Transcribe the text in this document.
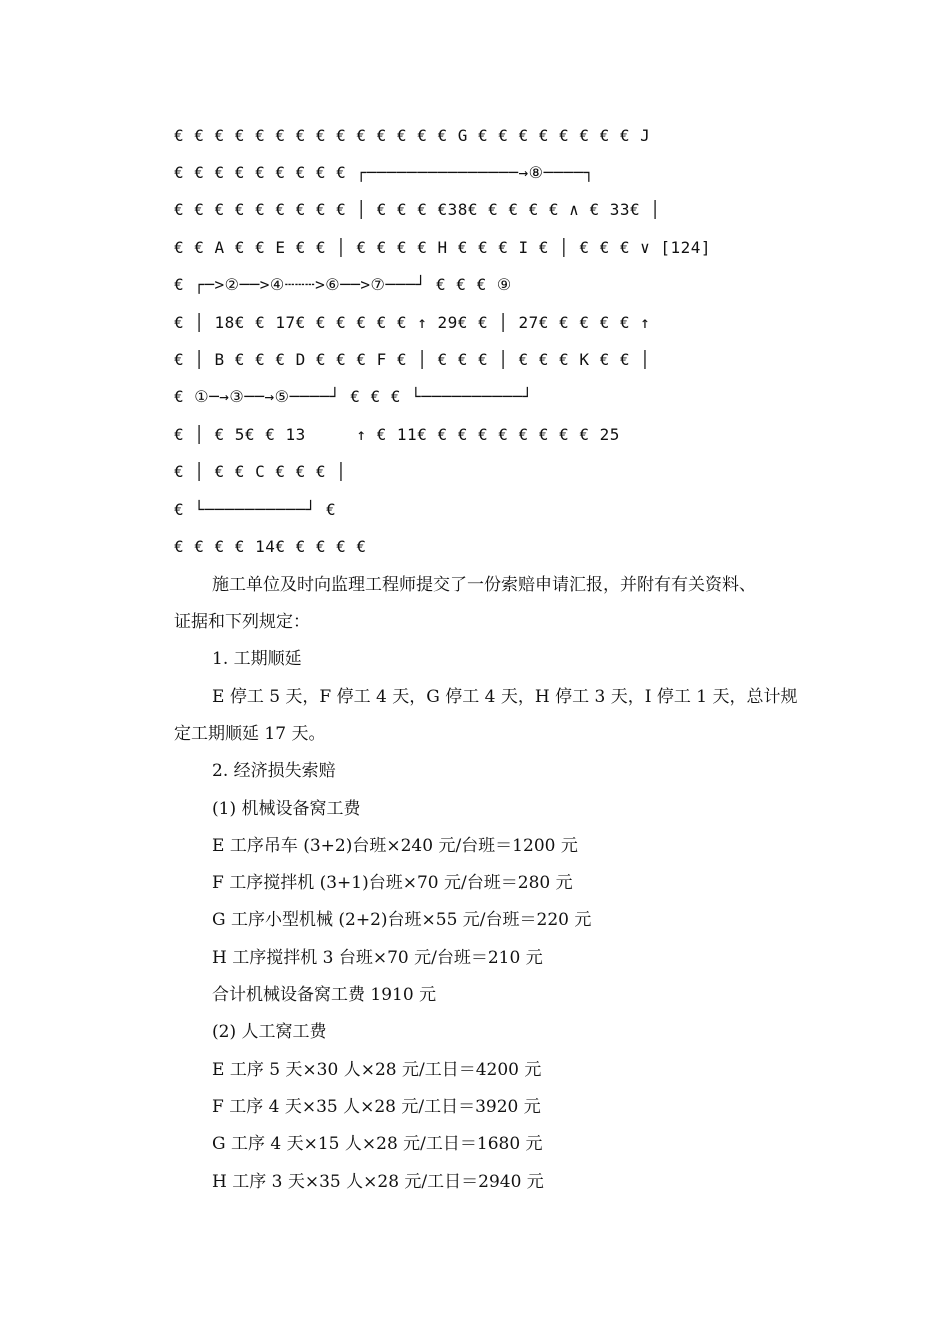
€ € € € € € € € € € € € € € G € € € € € € € € J
€ € € € € € € € € ┌───────────────→⑧────┐
€ € € € € € € € € │ € € € €38€ € € € € ∧ € 33€ │
€ € A € € E € € │ € € € € H € € € I € │ € € € ∨ [124]
€ ┌─>②──>④┄┄┄>⑥──>⑦───┘ € € € ⑨
€ │ 18€ € 17€ € € € € € ↑ 29€ € │ 27€ € € € € ↑
€ │ B € € € D € € € F € │ € € € │ € € € K € € │
€ ①─→③──→⑤────┘ € € € └──────────┘
€ │ € 5€ € 13     ↑ € 11€ € € € € € € € € 25
€ │ € € C € € € │
€ └──────────┘ €
€ € € € 14€ € € € €
施工单位及时向监理工程师提交了一份索赔申请汇报，并附有有关资料、
证据和下列规定：
1. 工期顺延
E 停工 5 天，F 停工 4 天，G 停工 4 天，H 停工 3 天，I 停工 1 天，总计规
定工期顺延 17 天。
2. 经济损失索赔
(1) 机械设备窝工费
E 工序吊车 (3+2)台班×240 元/台班＝1200 元
F 工序搅拌机 (3+1)台班×70 元/台班＝280 元
G 工序小型机械 (2+2)台班×55 元/台班＝220 元
H 工序搅拌机 3 台班×70 元/台班＝210 元
合计机械设备窝工费 1910 元
(2) 人工窝工费
E 工序 5 天×30 人×28 元/工日＝4200 元
F 工序 4 天×35 人×28 元/工日＝3920 元
G 工序 4 天×15 人×28 元/工日＝1680 元
H 工序 3 天×35 人×28 元/工日＝2940 元
